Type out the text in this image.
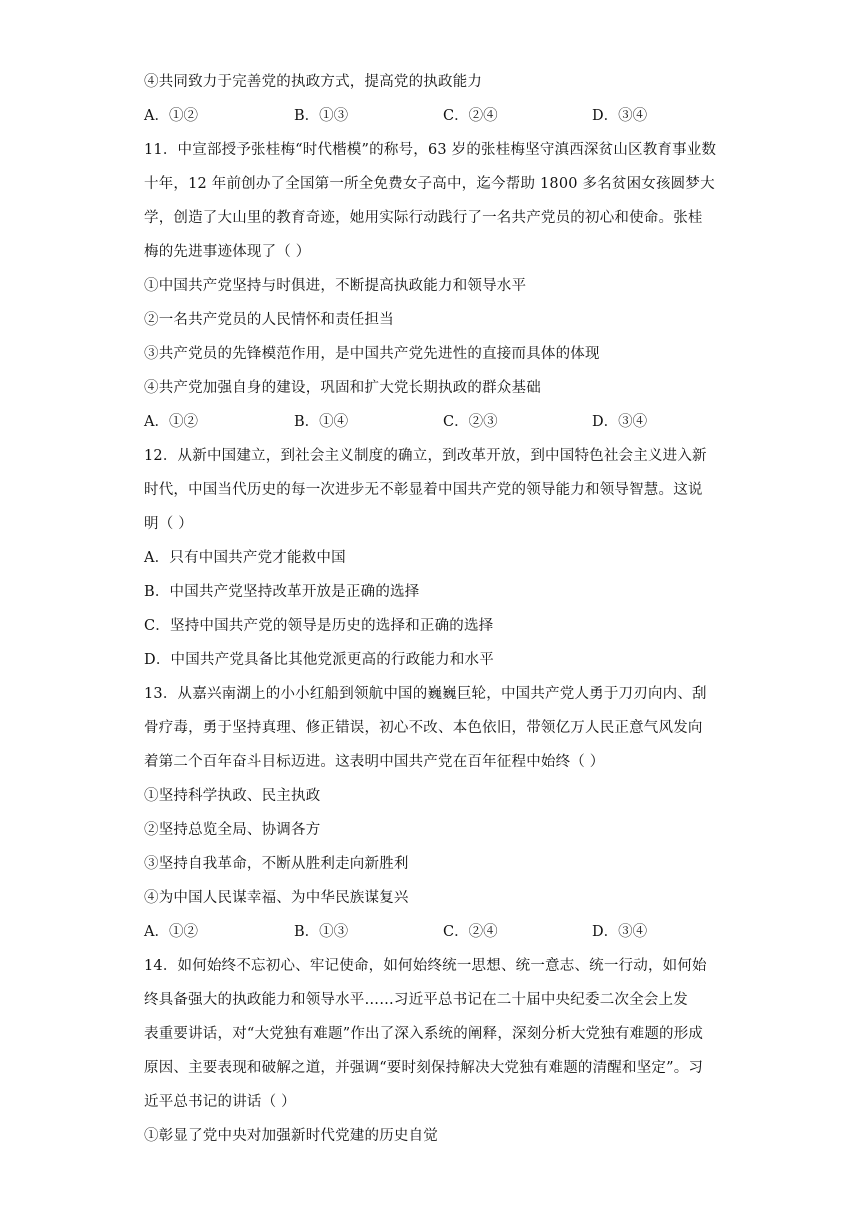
④共同致力于完善党的执政方式，提高党的执政能力
A．①②	B．①③	C．②④	D．③④
11．中宣部授予张桂梅“时代楷模”的称号，63 岁的张桂梅坚守滇西深贫山区教育事业数
十年，12 年前创办了全国第一所全免费女子高中，迄今帮助 1800 多名贫困女孩圆梦大
学，创造了大山里的教育奇迹，她用实际行动践行了一名共产党员的初心和使命。张桂
梅的先进事迹体现了（ ）
①中国共产党坚持与时俱进，不断提高执政能力和领导水平
②一名共产党员的人民情怀和责任担当
③共产党员的先锋模范作用，是中国共产党先进性的直接而具体的体现
④共产党加强自身的建设，巩固和扩大党长期执政的群众基础
A．①②	B．①④	C．②③	D．③④
12．从新中国建立，到社会主义制度的确立，到改革开放，到中国特色社会主义进入新
时代，中国当代历史的每一次进步无不彰显着中国共产党的领导能力和领导智慧。这说
明（ ）
A．只有中国共产党才能救中国
B．中国共产党坚持改革开放是正确的选择
C．坚持中国共产党的领导是历史的选择和正确的选择
D．中国共产党具备比其他党派更高的行政能力和水平
13．从嘉兴南湖上的小小红船到领航中国的巍巍巨轮，中国共产党人勇于刀刃向内、刮
骨疗毒，勇于坚持真理、修正错误，初心不改、本色依旧，带领亿万人民正意气风发向
着第二个百年奋斗目标迈进。这表明中国共产党在百年征程中始终（ ）
①坚持科学执政、民主执政
②坚持总览全局、协调各方
③坚持自我革命，不断从胜利走向新胜利
④为中国人民谋幸福、为中华民族谋复兴
A．①②	B．①③	C．②④	D．③④
14．如何始终不忘初心、牢记使命，如何始终统一思想、统一意志、统一行动，如何始
终具备强大的执政能力和领导水平……习近平总书记在二十届中央纪委二次全会上发
表重要讲话，对“大党独有难题”作出了深入系统的阐释，深刻分析大党独有难题的形成
原因、主要表现和破解之道，并强调“要时刻保持解决大党独有难题的清醒和坚定”。习
近平总书记的讲话（ ）
①彰显了党中央对加强新时代党建的历史自觉
